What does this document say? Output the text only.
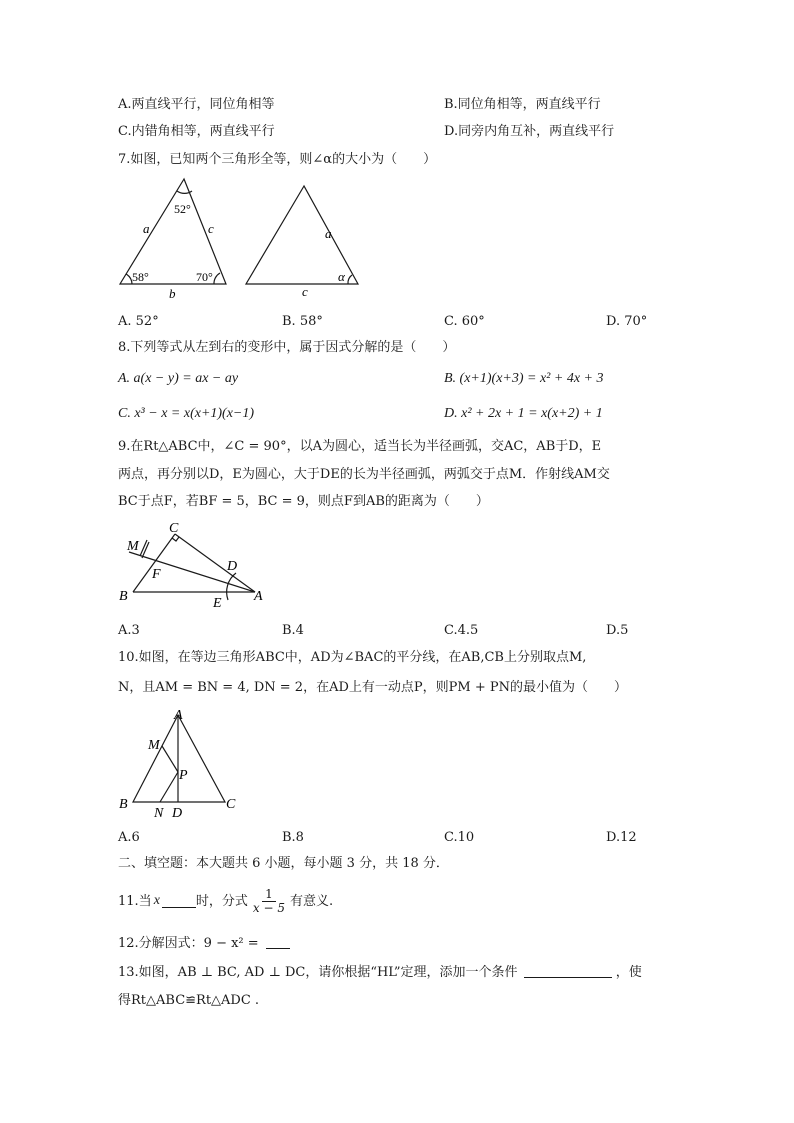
A.两直线平行，同位角相等	B.同位角相等，两直线平行
C.内错角相等，两直线平行	D.同旁内角互补，两直线平行
7.如图，已知两个三角形全等，则∠α的大小为（　　）
52°
a	c
58°	70°
b
a
α
c
A. 52°	B. 58°	C. 60°	D. 70°
8.下列等式从左到右的变形中，属于因式分解的是（　　）
A. a(x − y) = ax − ay	B. (x+1)(x+3) = x² + 4x + 3
C. x³ − x = x(x+1)(x−1)	D. x² + 2x + 1 = x(x+2) + 1
9.在Rt△ABC中，∠C = 90°，以A为圆心，适当长为半径画弧，交AC，AB于D，E
两点，再分别以D，E为圆心，大于DE的长为半径画弧，两弧交于点M．作射线AM交
BC于点F，若BF = 5，BC = 9，则点F到AB的距离为（　　）
C
M
F
D
B	E A
A.3	B.4	C.4.5	D.5
10.如图，在等边三角形ABC中，AD为∠BAC的平分线，在AB,CB上分别取点M,
N，且AM = BN = 4, DN = 2，在AD上有一动点P，则PM + PN的最小值为（　　）
A
M
P
B
N D
C
A.6	B.8	C.10	D.12
二、填空题：本大题共 6 小题，每小题 3 分，共 18 分．
11.当 x	时，分式 $\frac{1}{x - 5}$ 有意义.
12.分解因式：9 − x² =
13.如图，AB ⊥ BC, AD ⊥ DC，请你根据“HL”定理，添加一个条件	，使
得Rt△ABC≌Rt△ADC .
